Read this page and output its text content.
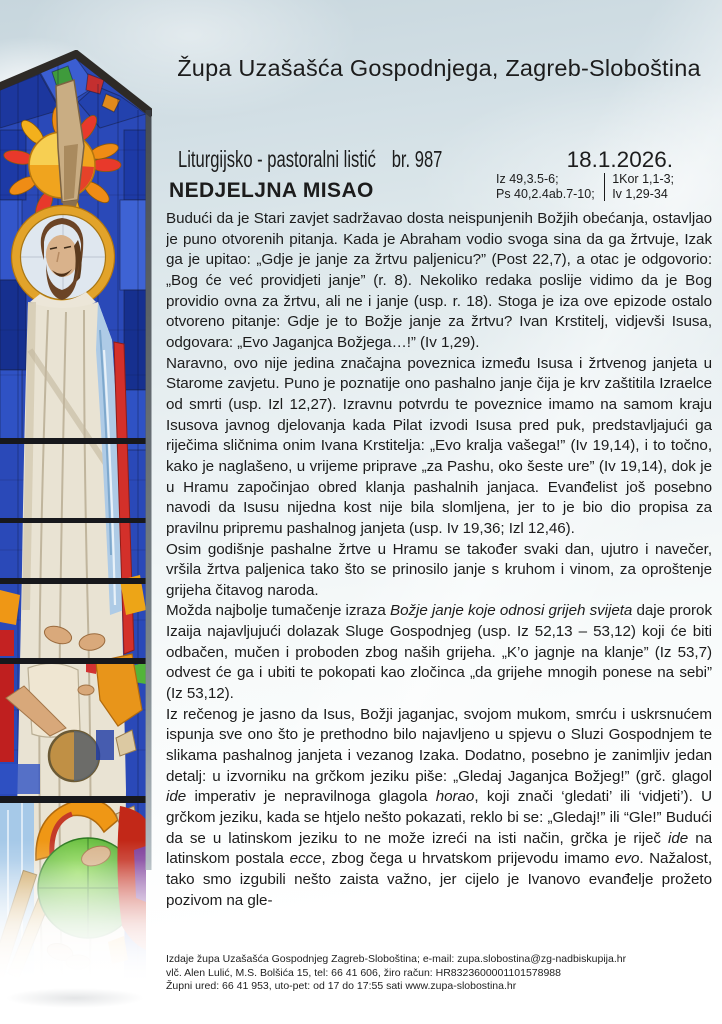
Župa Uzašašća Gospodnjega, Zagreb-Sloboština
Liturgijsko - pastoralni listić br. 987	18.1.2026.
NEDJELJNA MISAO	Iz 49,3.5-6;
Ps 40,2.4ab.7-10;
1Kor 1,1-3;
Iv 1,29-34

Budući da je Stari zavjet sadržavao dosta neispunjenih Božjih obećanja, ostavljao je puno otvorenih pitanja. Kada je Abraham vodio svoga sina da ga žrtvuje, Izak ga je upitao: „Gdje je janje za žrtvu paljenicu?” (Post 22,7), a otac je odgovorio: „Bog će već providjeti janje” (r. 8). Nekoliko redaka poslije vidimo da je Bog providio ovna za žrtvu, ali ne i janje (usp. r. 18). Stoga je iza ove epizode ostalo otvoreno pitanje: Gdje je to Božje janje za žrtvu? Ivan Krstitelj, vidjevši Isusa, odgovara: „Evo Jaganjca Božjega…!” (Iv 1,29).

Naravno, ovo nije jedina značajna poveznica između Isusa i žrtvenog janjeta u Starome zavjetu. Puno je poznatije ono pashalno janje čija je krv zaštitila Izraelce od smrti (usp. Izl 12,27). Izravnu potvrdu te poveznice imamo na samom kraju Isusova javnog djelovanja kada Pilat izvodi Isusa pred puk, predstavljajući ga riječima sličnima onim Ivana Krstitelja: „Evo kralja vašega!” (Iv 19,14), i to točno, kako je naglašeno, u vrijeme priprave „za Pashu, oko šeste ure” (Iv 19,14), dok je u Hramu započinjao obred klanja pashalnih janjaca. Evanđelist još posebno navodi da Isusu nijedna kost nije bila slomljena, jer to je bio dio propisa za pravilnu pripremu pashalnog janjeta (usp. Iv 19,36; Izl 12,46).

Osim godišnje pashalne žrtve u Hramu se također svaki dan, ujutro i navečer, vršila žrtva paljenica tako što se prinosilo janje s kruhom i vinom, za oproštenje grijeha čitavog naroda.

Možda najbolje tumačenje izraza Božje janje koje odnosi grijeh svijeta daje prorok Izaija najavljujući dolazak Sluge Gospodnjeg (usp. Iz 52,13 – 53,12) koji će biti odbačen, mučen i proboden zbog naših grijeha. „K’o jagnje na klanje” (Iz 53,7) odvest će ga i ubiti te pokopati kao zločinca „da grijehe mnogih ponese na sebi” (Iz 53,12).

Iz rečenog je jasno da Isus, Božji jaganjac, svojom mukom, smrću i uskrsnućem ispunja sve ono što je prethodno bilo najavljeno u spjevu o Sluzi Gospodnjem te slikama pashalnog janjeta i vezanog Izaka. Dodatno, posebno je zanimljiv jedan detalj: u izvorniku na grčkom jeziku piše: „Gledaj Jaganjca Božjeg!” (grč. glagol ide imperativ je nepravilnoga glagola horao, koji znači ‘gledati’ ili ‘vidjeti’). U grčkom jeziku, kada se htjelo nešto pokazati, reklo bi se: „Gledaj!” ili “Gle!” Budući da se u latinskom jeziku to ne može izreći na isti način, grčka je riječ ide na latinskom postala ecce, zbog čega u hrvatskom prijevodu imamo evo. Nažalost, tako smo izgubili nešto zaista važno, jer cijelo je Ivanovo evanđelje prožeto pozivom na gle-

Izdaje župa Uzašašća Gospodnjeg Zagreb-Sloboština; e-mail: zupa.slobostina@zg-nadbiskupija.hr
vlč. Alen Lulić, M.S. Bolšića 15, tel: 66 41 606, žiro račun: HR8323600001101578988
Župni ured: 66 41 953, uto-pet: od 17 do 17:55 sati www.zupa-slobostina.hr
